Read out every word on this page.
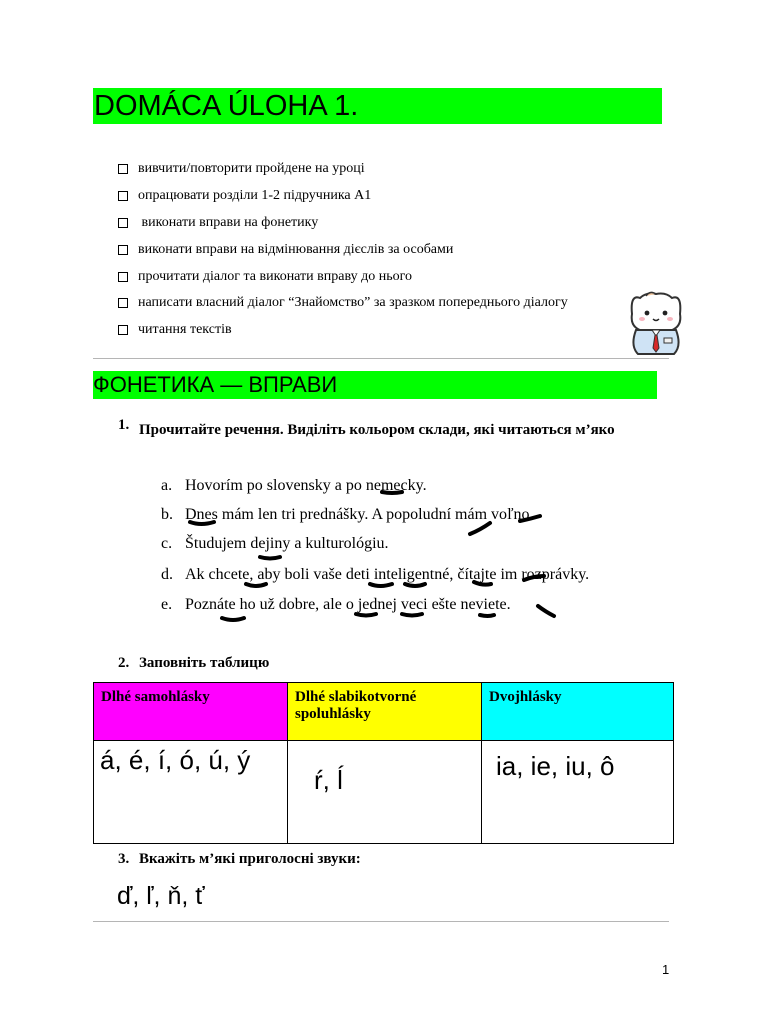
DOMÁCA ÚLOHA 1.
вивчити/повторити пройдене на уроці
опрацювати розділи 1-2 підручника А1
виконати вправи на фонетику
виконати вправи на відмінювання дієслів за особами
прочитати діалог та виконати вправу до нього
написати власний діалог “Знайомство” за зразком попереднього діалогу
читання текстів
ФОНЕТИКА — ВПРАВИ
1. Прочитайте речення. Виділіть кольором склади, які читаються м’яко
a. Hovorím po slovensky a po nemecky.
b. Dnes mám len tri prednášky. A popoludní mám voľno.
c. Študujem dejiny a kulturológiu.
d. Ak chcete, aby boli vaše deti inteligentné, čítajte im rozprávky.
e. Poznáte ho už dobre, ale o jednej veci ešte neviete.
2. Заповніть таблицю
Dlhé samohlásky	Dlhé slabikotvorné spoluhlásky	Dvojhlásky
á, é, í, ó, ú, ý	ŕ, ĺ	ia, ie, iu, ô
3. Вкажіть м’які приголосні звуки:
ď, ľ, ň, ť
1
